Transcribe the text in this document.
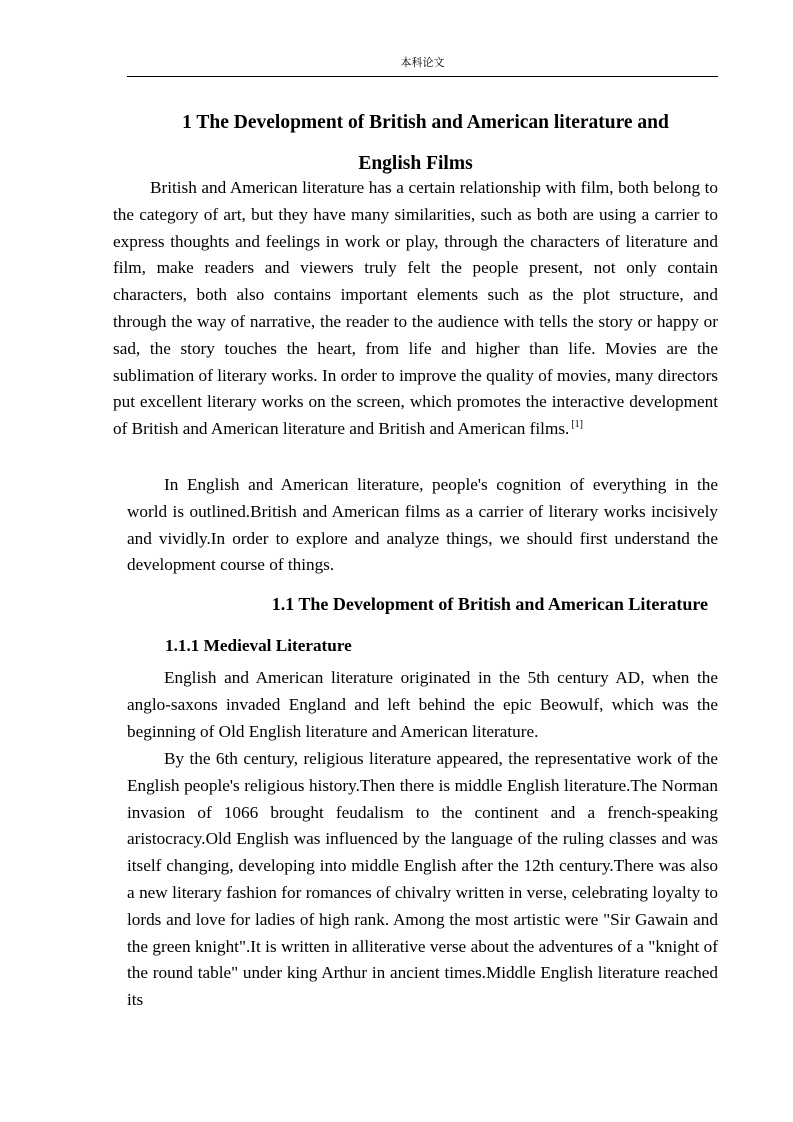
本科论文
1 The Development of British and American literature and
English Films

British and American literature has a certain relationship with film, both belong to the category of art, but they have many similarities, such as both are using a carrier to express thoughts and feelings in work or play, through the characters of literature and film, make readers and viewers truly felt the people present, not only contain characters, both also contains important elements such as the plot structure, and through the way of narrative, the reader to the audience with tells the story or happy or sad, the story touches the heart, from life and higher than life. Movies are the sublimation of literary works. In order to improve the quality of movies, many directors put excellent literary works on the screen, which promotes the interactive development of British and American literature and British and American films. [1]

In English and American literature, people's cognition of everything in the world is outlined.British and American films as a carrier of literary works incisively and vividly.In order to explore and analyze things, we should first understand the development course of things.

1.1 The Development of British and American Literature
1.1.1 Medieval Literature

English and American literature originated in the 5th century AD, when the anglo-saxons invaded England and left behind the epic Beowulf, which was the beginning of Old English literature and American literature.

By the 6th century, religious literature appeared, the representative work of the English people's religious history.Then there is middle English literature.The Norman invasion of 1066 brought feudalism to the continent and a french-speaking aristocracy.Old English was influenced by the language of the ruling classes and was itself changing, developing into middle English after the 12th century.There was also a new literary fashion for romances of chivalry written in verse, celebrating loyalty to lords and love for ladies of high rank. Among the most artistic were "Sir Gawain and the green knight".It is written in alliterative verse about the adventures of a "knight of the round table" under king Arthur in ancient times.Middle English literature reached its
